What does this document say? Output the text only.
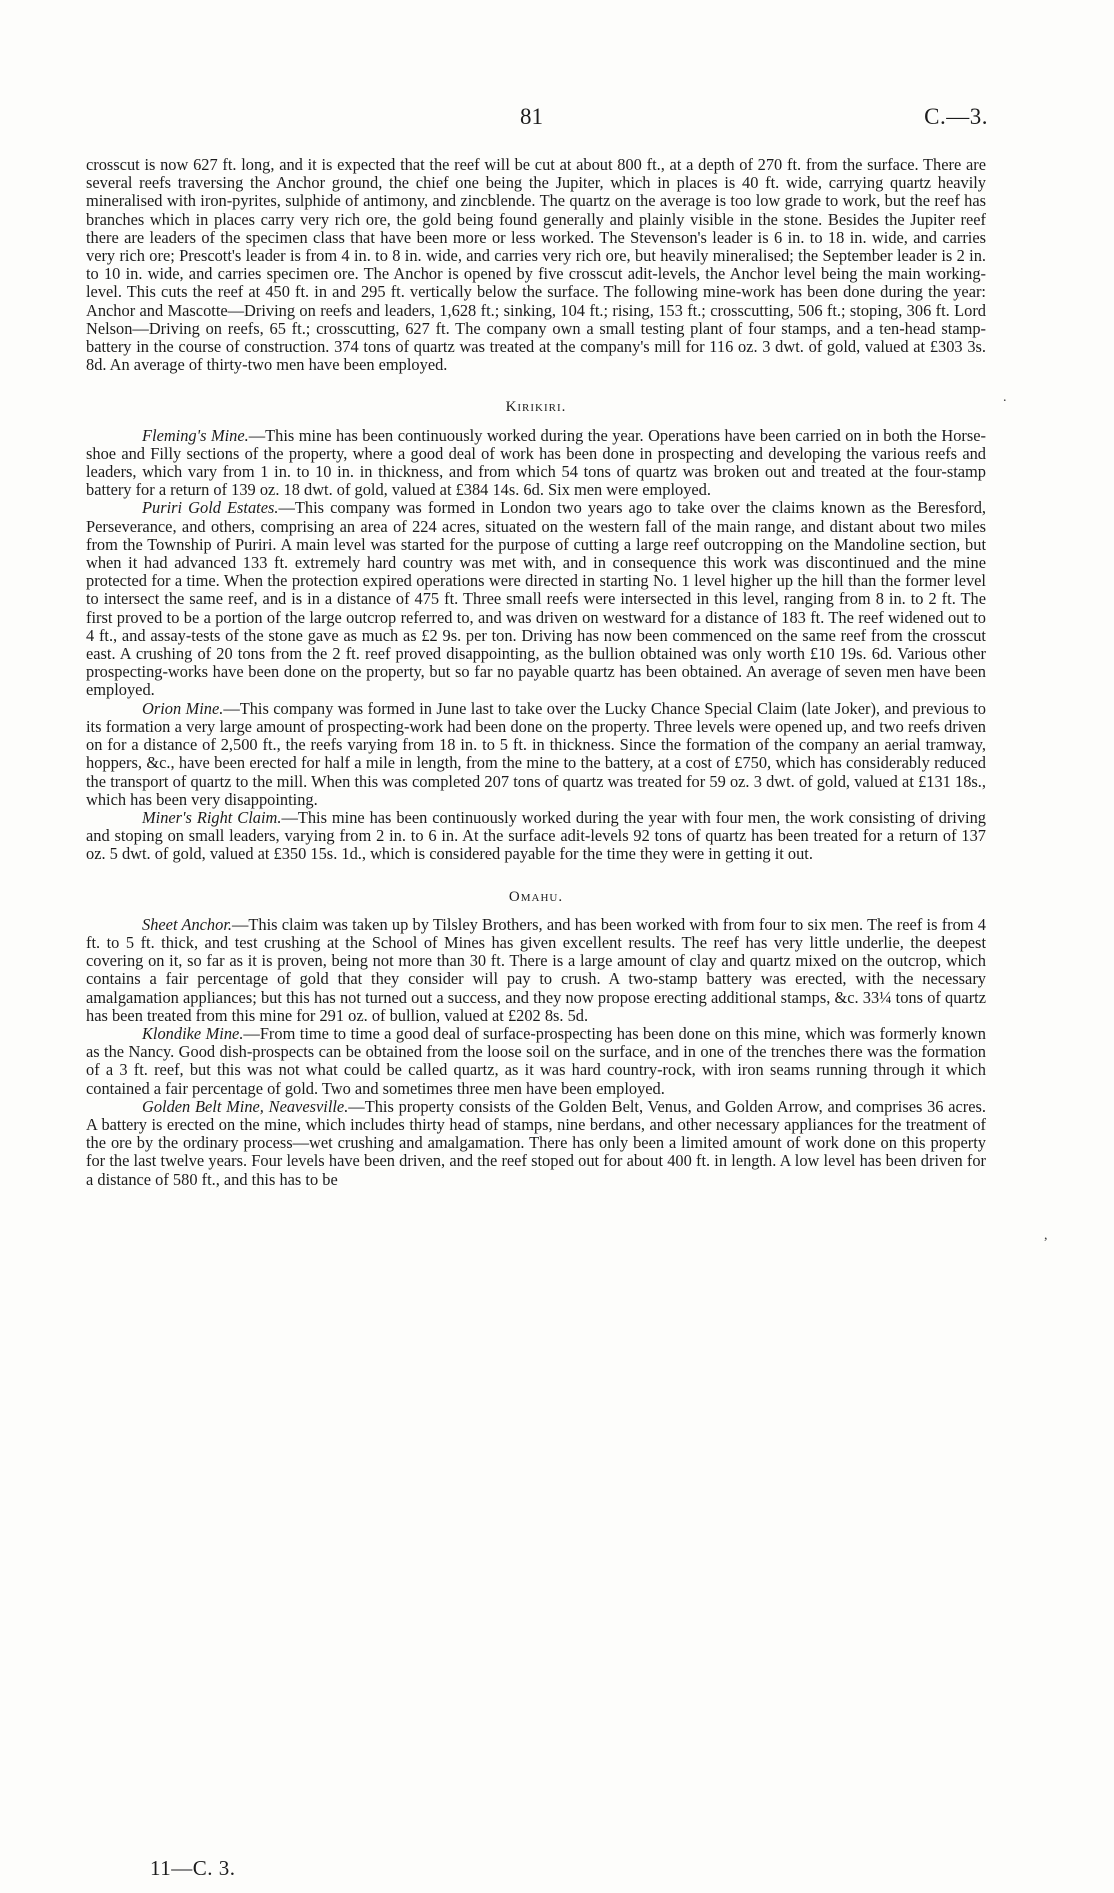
81	C.—3.

crosscut is now 627 ft. long, and it is expected that the reef will be cut at about 800 ft., at a depth of 270 ft. from the surface. There are several reefs traversing the Anchor ground, the chief one being the Jupiter, which in places is 40 ft. wide, carrying quartz heavily mineralised with iron-pyrites, sulphide of antimony, and zincblende. The quartz on the average is too low grade to work, but the reef has branches which in places carry very rich ore, the gold being found generally and plainly visible in the stone. Besides the Jupiter reef there are leaders of the specimen class that have been more or less worked. The Stevenson's leader is 6 in. to 18 in. wide, and carries very rich ore; Prescott's leader is from 4 in. to 8 in. wide, and carries very rich ore, but heavily mineralised; the September leader is 2 in. to 10 in. wide, and carries specimen ore. The Anchor is opened by five crosscut adit-levels, the Anchor level being the main working-level. This cuts the reef at 450 ft. in and 295 ft. vertically below the surface. The following mine-work has been done during the year: Anchor and Mascotte—Driving on reefs and leaders, 1,628 ft.; sinking, 104 ft.; rising, 153 ft.; crosscutting, 506 ft.; stoping, 306 ft. Lord Nelson—Driving on reefs, 65 ft.; crosscutting, 627 ft. The company own a small testing plant of four stamps, and a ten-head stamp-battery in the course of construction. 374 tons of quartz was treated at the company's mill for 116 oz. 3 dwt. of gold, valued at £303 3s. 8d. An average of thirty-two men have been employed.

Kirikiri.

Fleming's Mine.—This mine has been continuously worked during the year. Operations have been carried on in both the Horse-shoe and Filly sections of the property, where a good deal of work has been done in prospecting and developing the various reefs and leaders, which vary from 1 in. to 10 in. in thickness, and from which 54 tons of quartz was broken out and treated at the four-stamp battery for a return of 139 oz. 18 dwt. of gold, valued at £384 14s. 6d. Six men were employed.

Puriri Gold Estates.—This company was formed in London two years ago to take over the claims known as the Beresford, Perseverance, and others, comprising an area of 224 acres, situated on the western fall of the main range, and distant about two miles from the Township of Puriri. A main level was started for the purpose of cutting a large reef outcropping on the Mandoline section, but when it had advanced 133 ft. extremely hard country was met with, and in consequence this work was discontinued and the mine protected for a time. When the protection expired operations were directed in starting No. 1 level higher up the hill than the former level to intersect the same reef, and is in a distance of 475 ft. Three small reefs were intersected in this level, ranging from 8 in. to 2 ft. The first proved to be a portion of the large outcrop referred to, and was driven on westward for a distance of 183 ft. The reef widened out to 4 ft., and assay-tests of the stone gave as much as £2 9s. per ton. Driving has now been commenced on the same reef from the crosscut east. A crushing of 20 tons from the 2 ft. reef proved disappointing, as the bullion obtained was only worth £10 19s. 6d. Various other prospecting-works have been done on the property, but so far no payable quartz has been obtained. An average of seven men have been employed.

Orion Mine.—This company was formed in June last to take over the Lucky Chance Special Claim (late Joker), and previous to its formation a very large amount of prospecting-work had been done on the property. Three levels were opened up, and two reefs driven on for a distance of 2,500 ft., the reefs varying from 18 in. to 5 ft. in thickness. Since the formation of the company an aerial tramway, hoppers, &c., have been erected for half a mile in length, from the mine to the battery, at a cost of £750, which has considerably reduced the transport of quartz to the mill. When this was completed 207 tons of quartz was treated for 59 oz. 3 dwt. of gold, valued at £131 18s., which has been very disappointing.

Miner's Right Claim.—This mine has been continuously worked during the year with four men, the work consisting of driving and stoping on small leaders, varying from 2 in. to 6 in. At the surface adit-levels 92 tons of quartz has been treated for a return of 137 oz. 5 dwt. of gold, valued at £350 15s. 1d., which is considered payable for the time they were in getting it out.

Omahu.

Sheet Anchor.—This claim was taken up by Tilsley Brothers, and has been worked with from four to six men. The reef is from 4 ft. to 5 ft. thick, and test crushing at the School of Mines has given excellent results. The reef has very little underlie, the deepest covering on it, so far as it is proven, being not more than 30 ft. There is a large amount of clay and quartz mixed on the outcrop, which contains a fair percentage of gold that they consider will pay to crush. A two-stamp battery was erected, with the necessary amalgamation appliances; but this has not turned out a success, and they now propose erecting additional stamps, &c. 33¼ tons of quartz has been treated from this mine for 291 oz. of bullion, valued at £202 8s. 5d.

Klondike Mine.—From time to time a good deal of surface-prospecting has been done on this mine, which was formerly known as the Nancy. Good dish-prospects can be obtained from the loose soil on the surface, and in one of the trenches there was the formation of a 3 ft. reef, but this was not what could be called quartz, as it was hard country-rock, with iron seams running through it which contained a fair percentage of gold. Two and sometimes three men have been employed.

Golden Belt Mine, Neavesville.—This property consists of the Golden Belt, Venus, and Golden Arrow, and comprises 36 acres. A battery is erected on the mine, which includes thirty head of stamps, nine berdans, and other necessary appliances for the treatment of the ore by the ordinary process—wet crushing and amalgamation. There has only been a limited amount of work done on this property for the last twelve years. Four levels have been driven, and the reef stoped out for about 400 ft. in length. A low level has been driven for a distance of 580 ft., and this has to be

11—C. 3.
.
,
